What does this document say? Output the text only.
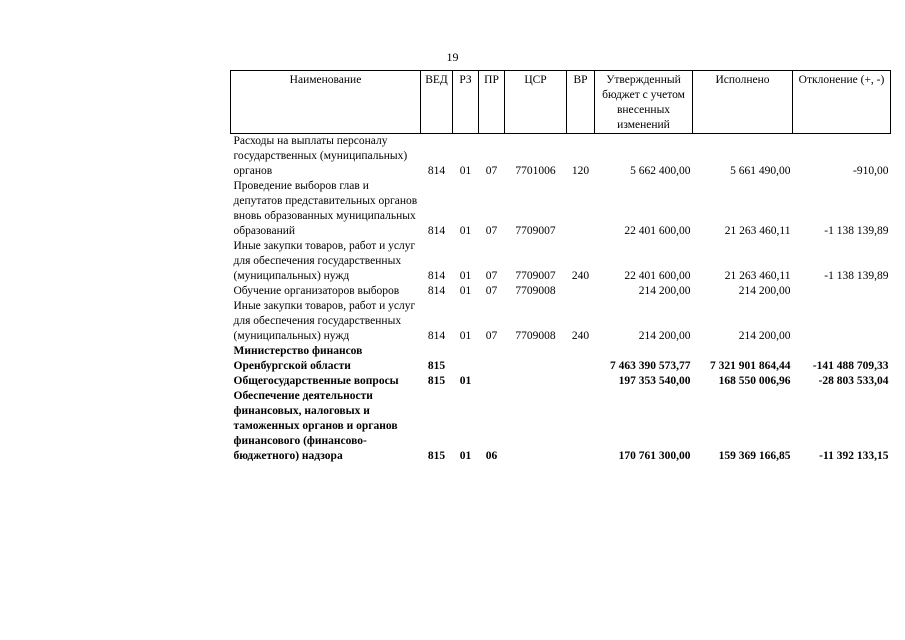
19
Наименование	ВЕД	РЗ	ПР	ЦСР	ВР	Утвержденный бюджет с учетом внесенных изменений	Исполнено	Отклонение (+, -)
Расходы на выплаты персоналу государственных (муниципальных) органов	814	01	07	7701006	120	5 662 400,00	5 661 490,00	-910,00
Проведение выборов глав и депутатов представительных органов вновь образованных муниципальных образований	814	01	07	7709007		22 401 600,00	21 263 460,11	-1 138 139,89
Иные закупки товаров, работ и услуг для обеспечения государственных (муниципальных) нужд	814	01	07	7709007	240	22 401 600,00	21 263 460,11	-1 138 139,89
Обучение организаторов выборов	814	01	07	7709008		214 200,00	214 200,00	
Иные закупки товаров, работ и услуг для обеспечения государственных (муниципальных) нужд	814	01	07	7709008	240	214 200,00	214 200,00	
Министерство финансов Оренбургской области	815					7 463 390 573,77	7 321 901 864,44	-141 488 709,33
Общегосударственные вопросы	815	01				197 353 540,00	168 550 006,96	-28 803 533,04
Обеспечение деятельности финансовых, налоговых и таможенных органов и органов финансового (финансово-бюджетного) надзора	815	01	06			170 761 300,00	159 369 166,85	-11 392 133,15
